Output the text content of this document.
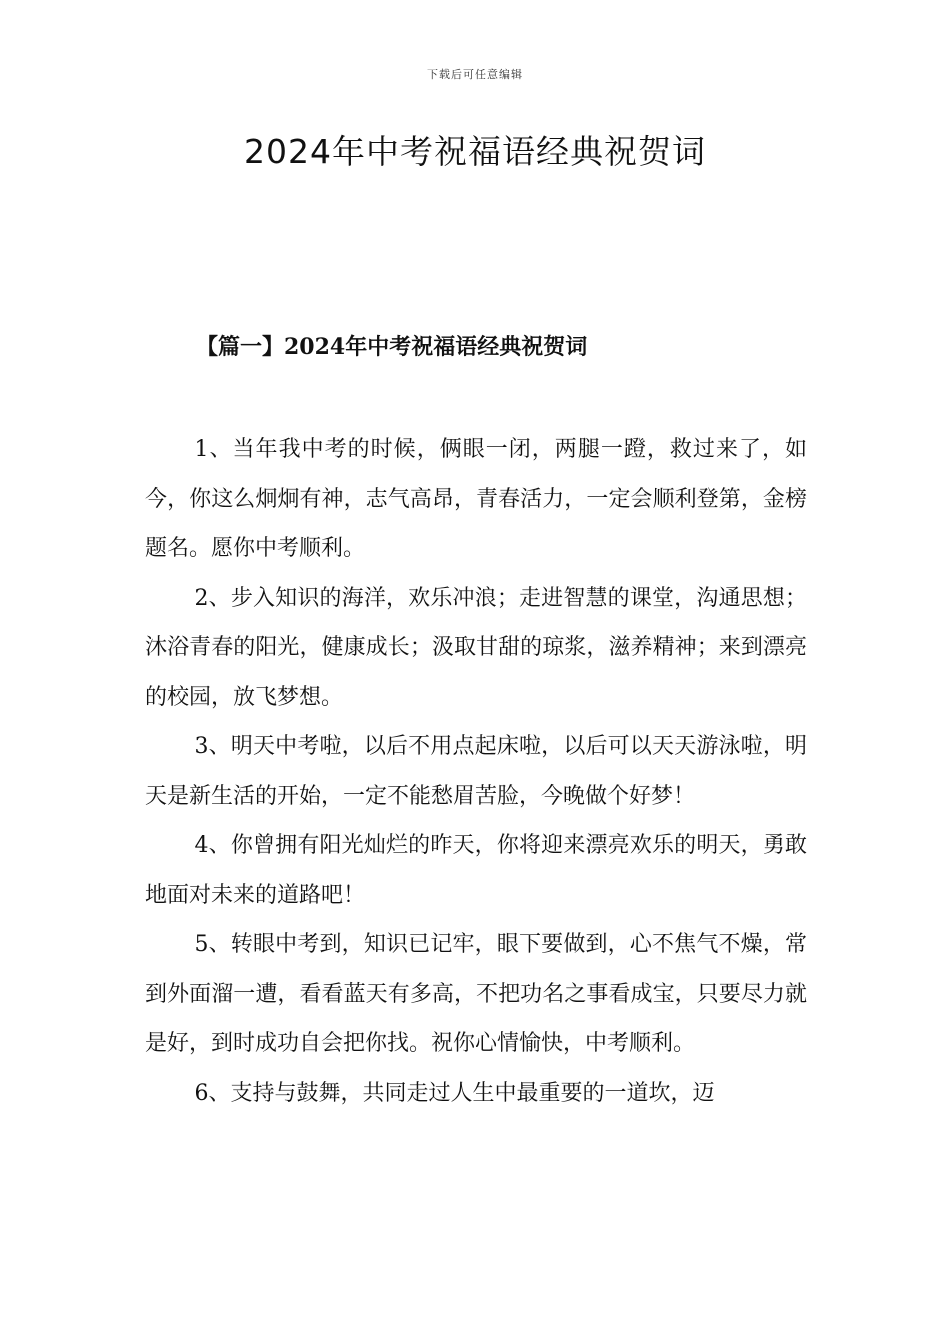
下载后可任意编辑
2024年中考祝福语经典祝贺词
【篇一】2024年中考祝福语经典祝贺词

1、当年我中考的时候，俩眼一闭，两腿一蹬，救过来了，如今，你这么炯炯有神，志气高昂，青春活力，一定会顺利登第，金榜题名。愿你中考顺利。

2、步入知识的海洋，欢乐冲浪；走进智慧的课堂，沟通思想；沐浴青春的阳光，健康成长；汲取甘甜的琼浆，滋养精神；来到漂亮的校园，放飞梦想。

3、明天中考啦，以后不用点起床啦，以后可以天天游泳啦，明天是新生活的开始，一定不能愁眉苦脸，今晚做个好梦！

4、你曾拥有阳光灿烂的昨天，你将迎来漂亮欢乐的明天，勇敢地面对未来的道路吧！

5、转眼中考到，知识已记牢，眼下要做到，心不焦气不燥，常到外面溜一遭，看看蓝天有多高，不把功名之事看成宝，只要尽力就是好，到时成功自会把你找。祝你心情愉快，中考顺利。

6、支持与鼓舞，共同走过人生中最重要的一道坎，迈
